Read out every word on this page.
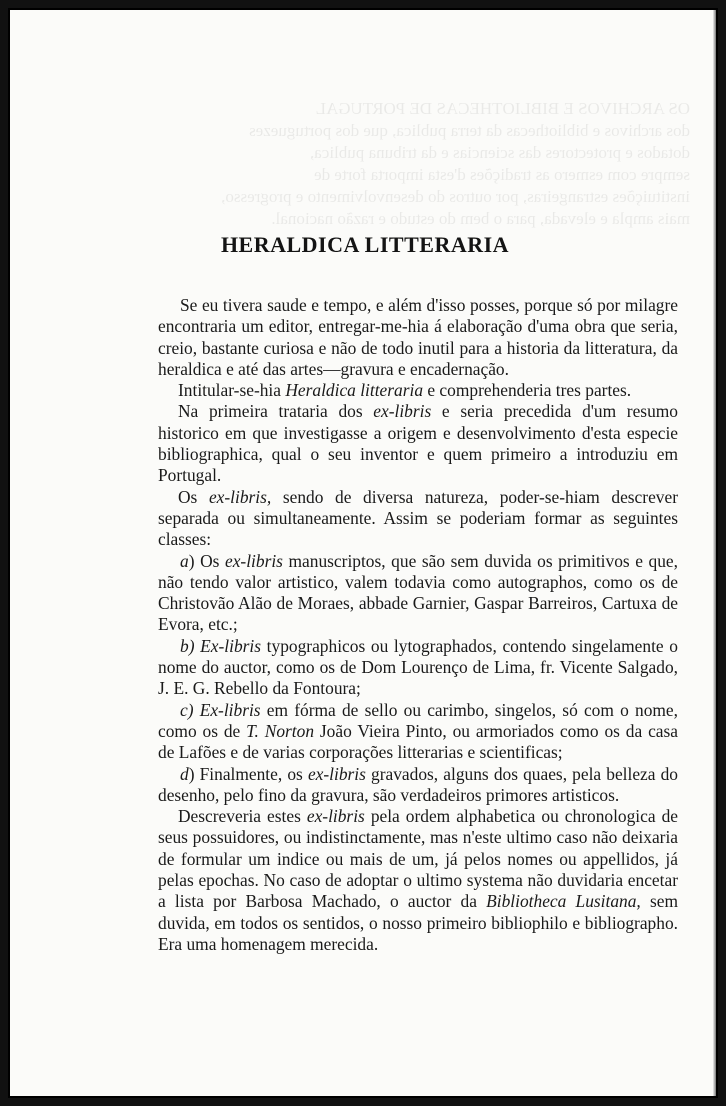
OS ARCHIVOS E BIBLIOTHECAS DE PORTUGAL
dos archivos e bibliothecas da terra publica, que dos portuguezes
dotados e protectores das sciencias e da tribuna publica,
sempre com esmero as tradições d'esta importa forte de
instituições estrangeiras, por outros do desenvolvimento e progresso,
mais ampla e elevada, para o bem do estudo e razão nacional.
HERALDICA LITTERARIA

Se eu tivera saude e tempo, e além d'isso posses, porque só por milagre encontraria um editor, entregar-me-hia á elaboração d'uma obra que seria, creio, bastante curiosa e não de todo inutil para a historia da litteratura, da heraldica e até das artes—gravura e encadernação.

Intitular-se-hia Heraldica litteraria e comprehenderia tres partes.

Na primeira trataria dos ex-libris e seria precedida d'um resumo historico em que investigasse a origem e desenvolvimento d'esta especie bibliographica, qual o seu inventor e quem primeiro a introduziu em Portugal.

Os ex-libris, sendo de diversa natureza, poder-se-hiam descrever separada ou simultaneamente. Assim se poderiam formar as seguintes classes:

a) Os ex-libris manuscriptos, que são sem duvida os primitivos e que, não tendo valor artistico, valem todavia como autographos, como os de Christovão Alão de Moraes, abbade Garnier, Gaspar Barreiros, Cartuxa de Evora, etc.;

b) Ex-libris typographicos ou lytographados, contendo singelamente o nome do auctor, como os de Dom Lourenço de Lima, fr. Vicente Salgado, J. E. G. Rebello da Fontoura;

c) Ex-libris em fórma de sello ou carimbo, singelos, só com o nome, como os de T. Norton João Vieira Pinto, ou armoriados como os da casa de Lafões e de varias corporações litterarias e scientificas;

d) Finalmente, os ex-libris gravados, alguns dos quaes, pela belleza do desenho, pelo fino da gravura, são verdadeiros primores artisticos.

Descreveria estes ex-libris pela ordem alphabetica ou chronologica de seus possuidores, ou indistinctamente, mas n'este ultimo caso não deixaria de formular um indice ou mais de um, já pelos nomes ou appellidos, já pelas epochas. No caso de adoptar o ultimo systema não duvidaria encetar a lista por Barbosa Machado, o auctor da Bibliotheca Lusitana, sem duvida, em todos os sentidos, o nosso primeiro bibliophilo e bibliographo. Era uma homenagem merecida.
